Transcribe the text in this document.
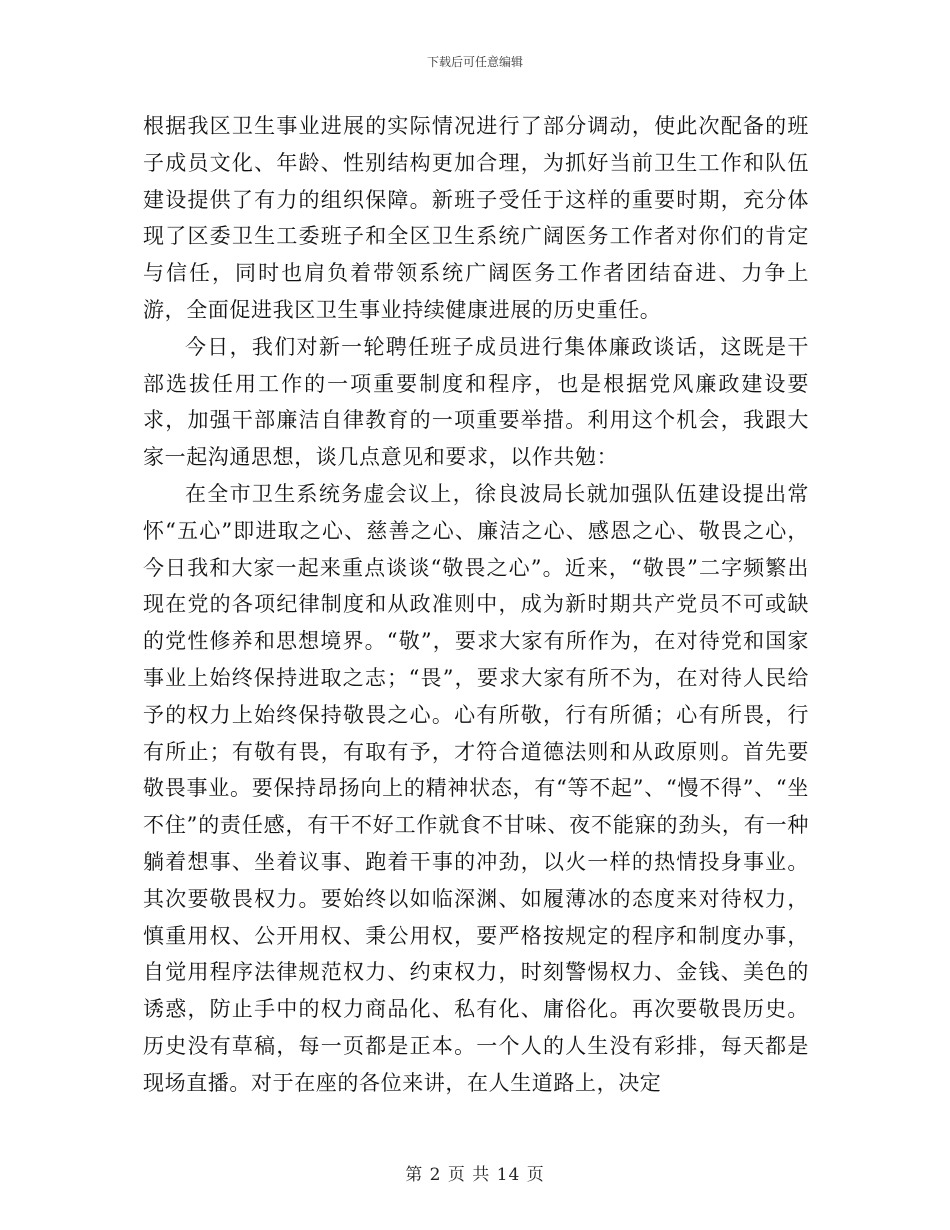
下载后可任意编辑

根据我区卫生事业进展的实际情况进行了部分调动，使此次配备的班子成员文化、年龄、性别结构更加合理，为抓好当前卫生工作和队伍建设提供了有力的组织保障。新班子受任于这样的重要时期，充分体现了区委卫生工委班子和全区卫生系统广阔医务工作者对你们的肯定与信任，同时也肩负着带领系统广阔医务工作者团结奋进、力争上游，全面促进我区卫生事业持续健康进展的历史重任。

今日，我们对新一轮聘任班子成员进行集体廉政谈话，这既是干部选拔任用工作的一项重要制度和程序，也是根据党风廉政建设要求，加强干部廉洁自律教育的一项重要举措。利用这个机会，我跟大家一起沟通思想，谈几点意见和要求，以作共勉：

在全市卫生系统务虚会议上，徐良波局长就加强队伍建设提出常怀“五心”即进取之心、慈善之心、廉洁之心、感恩之心、敬畏之心，今日我和大家一起来重点谈谈“敬畏之心”。近来，“敬畏”二字频繁出现在党的各项纪律制度和从政准则中，成为新时期共产党员不可或缺的党性修养和思想境界。“敬”，要求大家有所作为，在对待党和国家事业上始终保持进取之志；“畏”，要求大家有所不为，在对待人民给予的权力上始终保持敬畏之心。心有所敬，行有所循；心有所畏，行有所止；有敬有畏，有取有予，才符合道德法则和从政原则。首先要敬畏事业。要保持昂扬向上的精神状态，有“等不起”、“慢不得”、“坐不住”的责任感，有干不好工作就食不甘味、夜不能寐的劲头，有一种躺着想事、坐着议事、跑着干事的冲劲，以火一样的热情投身事业。其次要敬畏权力。要始终以如临深渊、如履薄冰的态度来对待权力，慎重用权、公开用权、秉公用权，要严格按规定的程序和制度办事，自觉用程序法律规范权力、约束权力，时刻警惕权力、金钱、美色的诱惑，防止手中的权力商品化、私有化、庸俗化。再次要敬畏历史。历史没有草稿，每一页都是正本。一个人的人生没有彩排，每天都是现场直播。对于在座的各位来讲，在人生道路上，决定

第 2 页 共 14 页
